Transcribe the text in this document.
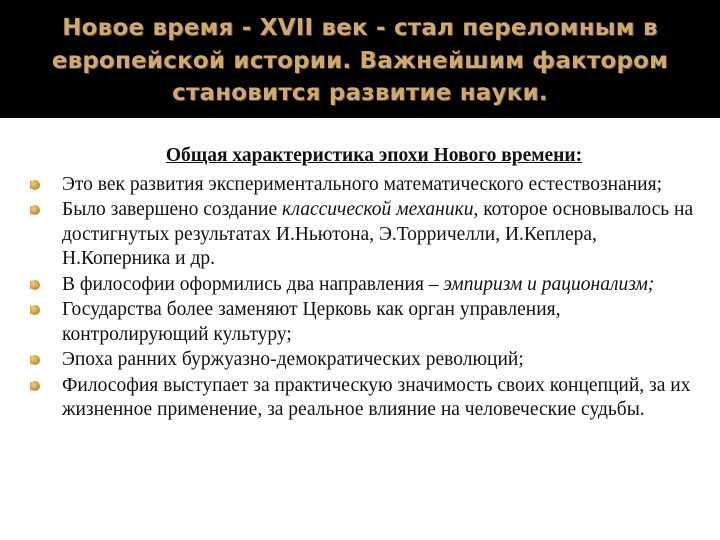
Новое время - XVII век - стал переломным в европейской истории. Важнейшим фактором становится развитие науки.

Общая характеристика эпохи Нового времени:

Это век развития экспериментального математического естествознания;
Было завершено создание классической механики, которое основывалось на достигнутых результатах И.Ньютона, Э.Торричелли, И.Кеплера, Н.Коперника и др.
В философии оформились два направления – эмпиризм и рационализм;
Государства более заменяют Церковь как орган управления, контролирующий культуру;
Эпоха ранних буржуазно-демократических революций;
Философия выступает за практическую значимость своих концепций, за их жизненное применение, за реальное влияние на человеческие судьбы.
